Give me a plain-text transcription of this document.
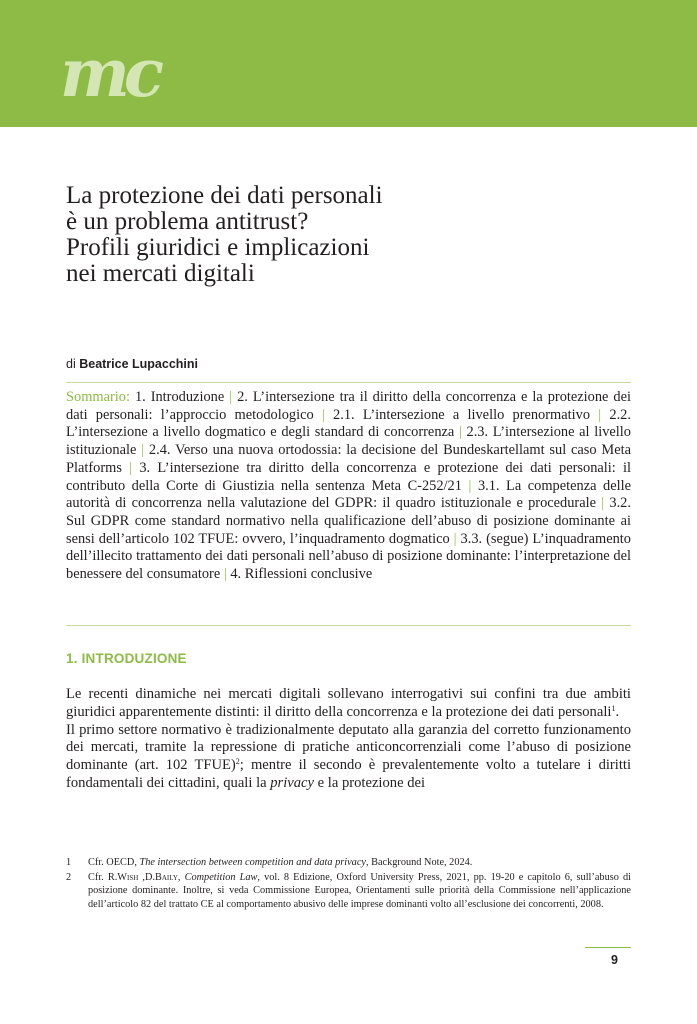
mc
La protezione dei dati personali
è un problema antitrust?
Profili giuridici e implicazioni
nei mercati digitali
di Beatrice Lupacchini

Sommario: 1. Introduzione | 2. L’intersezione tra il diritto della concorrenza e la protezione dei dati personali: l’approccio metodologico | 2.1. L’intersezione a livello prenormativo | 2.2. L’intersezione a livello dogmatico e degli standard di concorrenza | 2.3. L’intersezione al livello istituzionale | 2.4. Verso una nuova ortodossia: la decisione del Bundeskartellamt sul caso Meta Platforms | 3. L’intersezione tra diritto della concorrenza e protezione dei dati personali: il contributo della Corte di Giustizia nella sentenza Meta C-252/21 | 3.1. La competenza delle autorità di concorrenza nella valutazione del GDPR: il quadro istituzionale e procedurale | 3.2. Sul GDPR come standard normativo nella qualificazione dell’abuso di posizione dominante ai sensi dell’articolo 102 TFUE: ovvero, l’inquadramento dogmatico | 3.3. (segue) L’inquadramento dell’illecito trattamento dei dati personali nell’abuso di posizione dominante: l’interpretazione del benessere del consumatore | 4. Riflessioni conclusive

1. INTRODUZIONE

Le recenti dinamiche nei mercati digitali sollevano interrogativi sui confini tra due ambiti giuridici apparentemente distinti: il diritto della concorrenza e la protezione dei dati personali$^1$.

Il primo settore normativo è tradizionalmente deputato alla garanzia del corretto funzionamento dei mercati, tramite la repressione di pratiche anticoncorrenziali come l’abuso di posizione dominante (art. 102 TFUE)$^2$; mentre il secondo è prevalentemente volto a tutelare i diritti fondamentali dei cittadini, quali la privacy e la protezione dei

1 Cfr. OECD, The intersection between competition and data privacy, Background Note, 2024.
2 Cfr. R.Wish ,D.Baily, Competition Law, vol. 8 Edizione, Oxford University Press, 2021, pp. 19-20 e capitolo 6, sull’abuso di posizione dominante. Inoltre, si veda Commissione Europea, Orientamenti sulle priorità della Commissione nell’applicazione dell’articolo 82 del trattato CE al comportamento abusivo delle imprese dominanti volto all’esclusione dei concorrenti, 2008.
9
